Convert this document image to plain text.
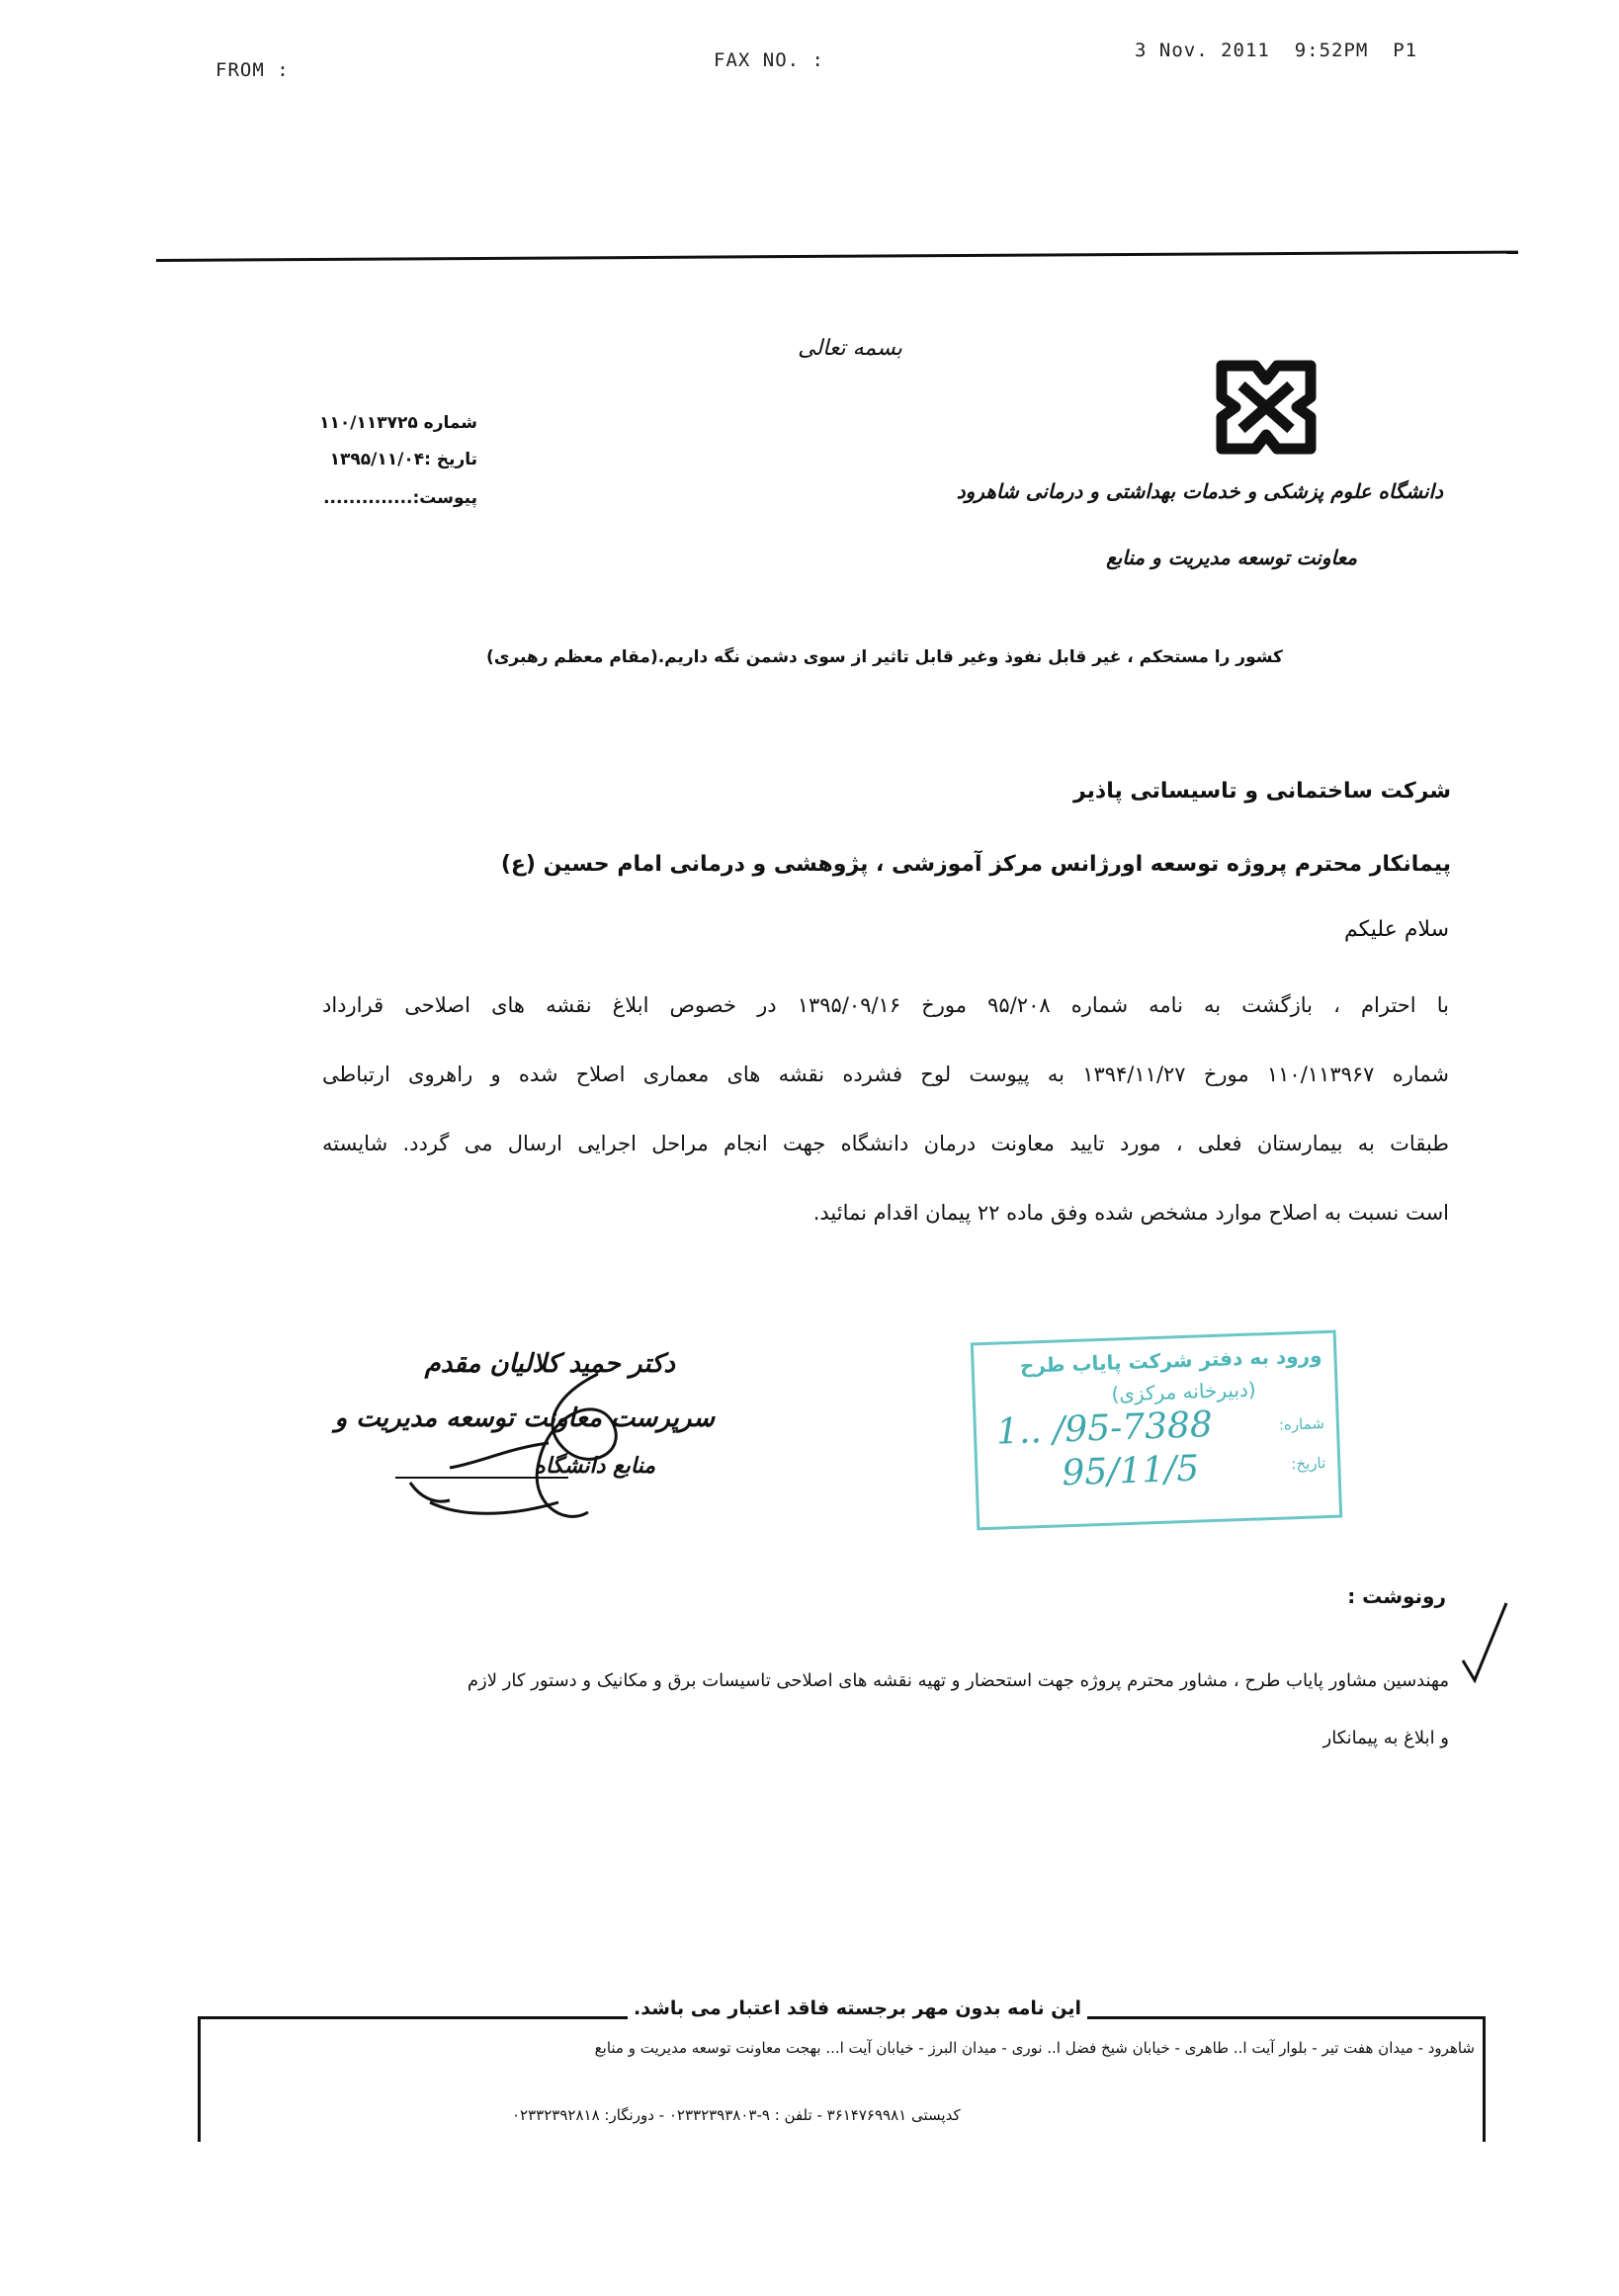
FROM :	FAX NO. :	3 Nov. 2011  9:52PM  P1
بسمه تعالی
شماره ۱۱۰/۱۱۳۷۲۵
تاریخ :۱۳۹۵/۱۱/۰۴
پیوست:..............	دانشگاه علوم پزشکی و خدمات بهداشتی و درمانی شاهرود
معاونت توسعه مدیریت و منابع
کشور را مستحکم ، غیر قابل نفوذ وغیر قابل تاثیر از سوی دشمن نگه داریم.(مقام معظم رهبری)
شرکت ساختمانی و تاسیساتی پاذیر
پیمانکار محترم پروژه توسعه اورژانس مرکز آموزشی ، پژوهشی و درمانی امام حسین (ع)
سلام علیکم
با احترام ، بازگشت به نامه شماره ۹۵/۲۰۸ مورخ ۱۳۹۵/۰۹/۱۶ در خصوص ابلاغ نقشه های اصلاحی قرارداد
شماره ۱۱۰/۱۱۳۹۶۷ مورخ ۱۳۹۴/۱۱/۲۷ به پیوست لوح فشرده نقشه های معماری اصلاح شده و راهروی ارتباطی
طبقات به بیمارستان فعلی ، مورد تایید معاونت درمان دانشگاه جهت انجام مراحل اجرایی ارسال می گردد. شایسته
است نسبت به اصلاح موارد مشخص شده وفق ماده ۲۲ پیمان اقدام نمائید.
دکتر حمید کلالیان مقدم
سرپرست معاونت توسعه مدیریت و
منابع دانشگاه
ورود به دفتر شرکت پایاب طرح
(دبیرخانه مرکزی)
شماره:
تاریخ:
1.. /95-7388
95/11/5
رونوشت :
مهندسین مشاور پایاب طرح ، مشاور محترم پروژه جهت استحضار و تهیه نقشه های اصلاحی تاسیسات برق و مکانیک و دستور کار لازم
و ابلاغ به پیمانکار
این نامه بدون مهر برجسته فاقد اعتبار می باشد.
شاهرود - میدان هفت تیر - بلوار آیت ا.. طاهری - خیابان شیخ فضل ا.. نوری - میدان البرز - خیابان آیت ا... بهجت معاونت توسعه مدیریت و منابع
کدپستی ۳۶۱۴۷۶۹۹۸۱ - تلفن : ۹-۰۲۳۳۲۳۹۳۸۰۳ - دورنگار: ۰۲۳۳۲۳۹۲۸۱۸
